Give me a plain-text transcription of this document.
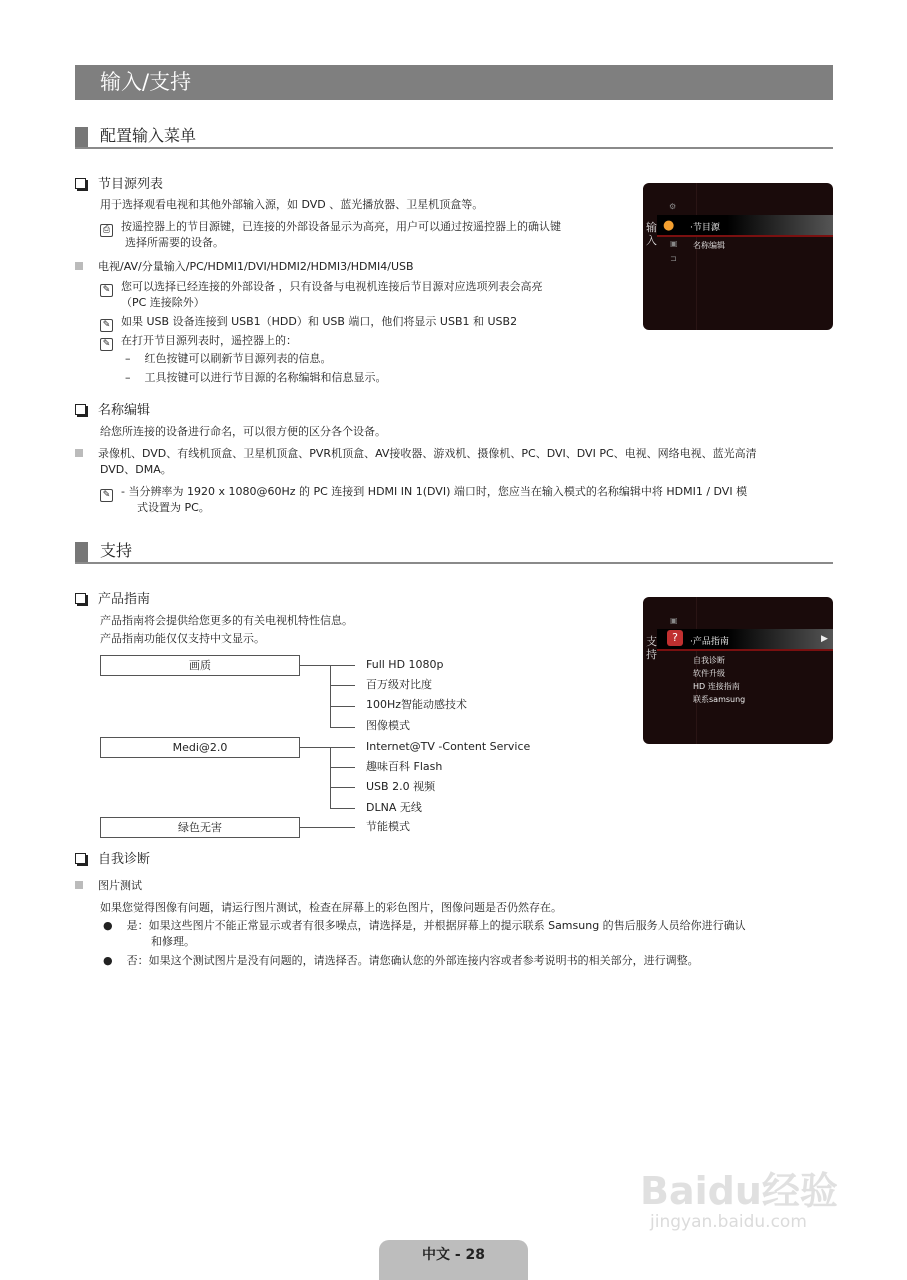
输入/支持
配置输入菜单
节目源列表
用于选择观看电视和其他外部输入源，如 DVD 、蓝光播放器、卫星机顶盒等。
⎙ 按遥控器上的节目源键，已连接的外部设备显示为高亮，用户可以通过按遥控器上的确认键
选择所需要的设备。
电视/AV/分量输入/PC/HDMI1/DVI/HDMI2/HDMI3/HDMI4/USB
✎ 您可以选择已经连接的外部设备 ，只有设备与电视机连接后节目源对应选项列表会高亮
（PC 连接除外）
✎ 如果 USB 设备连接到 USB1（HDD）和 USB 端口，他们将显示 USB1 和 USB2
✎ 在打开节目源列表时，遥控器上的：
–    红色按键可以刷新节目源列表的信息。
–    工具按键可以进行节目源的名称编辑和信息显示。
输入
⚙
●
▣
⊐
·节目源
名称编辑
名称编辑
给您所连接的设备进行命名，可以很方便的区分各个设备。
录像机、DVD、有线机顶盒、卫星机顶盒、PVR机顶盒、AV接收器、游戏机、摄像机、PC、DVI、DVI PC、电视、网络电视、蓝光高清
DVD、DMA。
✎ - 当分辨率为 1920 x 1080@60Hz 的 PC 连接到 HDMI IN 1(DVI) 端口时，您应当在输入模式的名称编辑中将 HDMI1 / DVI 模
式设置为 PC。
支持
产品指南
产品指南将会提供给您更多的有关电视机特性信息。
产品指南功能仅仅支持中文显示。
画质	Full HD 1080p
百万级对比度
100Hz智能动感技术
图像模式
Medi@2.0	Internet@TV -Content Service
趣味百科 Flash
USB 2.0 视频
DLNA 无线
绿色无害	节能模式
支持
▣
?	·产品指南	▶
自我诊断
软件升级
HD 连接指南
联系samsung
自我诊断
图片测试
如果您觉得图像有问题，请运行图片测试，检查在屏幕上的彩色图片，图像问题是否仍然存在。
●    是：如果这些图片不能正常显示或者有很多噪点，请选择是，并根据屏幕上的提示联系 Samsung 的售后服务人员给你进行确认
和修理。
●    否：如果这个测试图片是没有问题的，请选择否。请您确认您的外部连接内容或者参考说明书的相关部分，进行调整。
Baidu经验
jingyan.baidu.com
中文 - 28
